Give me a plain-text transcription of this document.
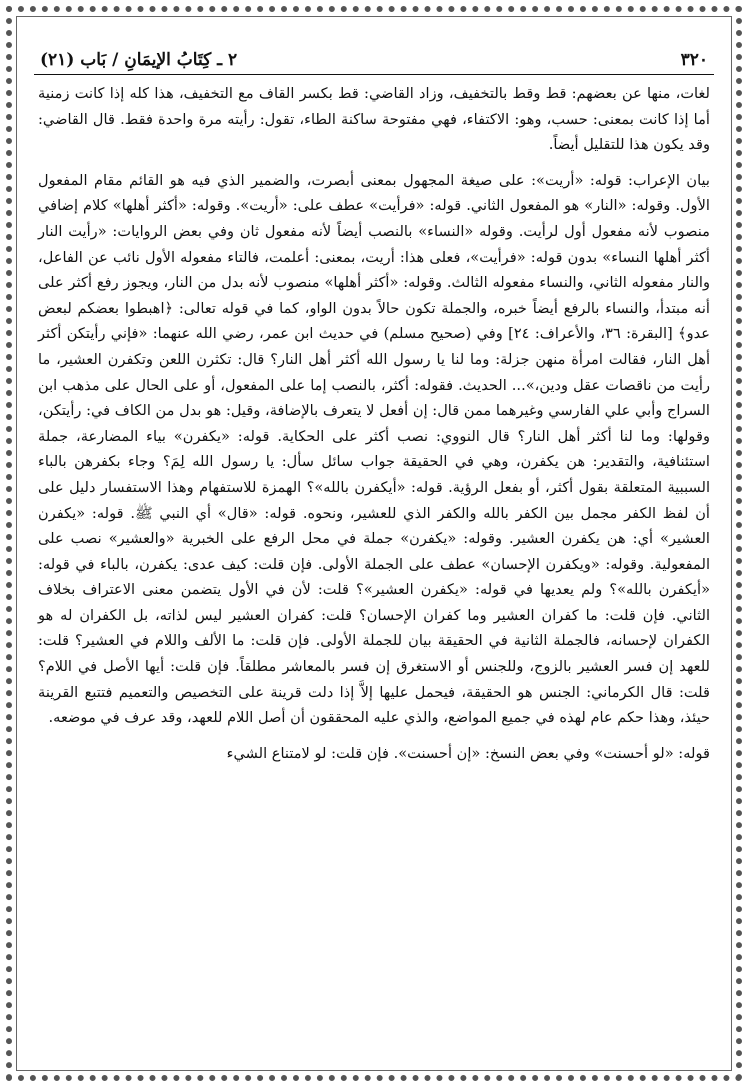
٣٢٠
٢ ـ كِتَابُ الإيمَانِ / بَاب (٢١)

لغات، منها عن بعضهم: قط وقط بالتخفيف، وزاد القاضي: قط بكسر القاف مع التخفيف، هذا كله إذا كانت زمنية أما إذا كانت بمعنى: حسب، وهو: الاكتفاء، فهي مفتوحة ساكنة الطاء، تقول: رأيته مرة واحدة فقط. قال القاضي: وقد يكون هذا للتقليل أيضاً.

بيان الإعراب: قوله: «أريت»: على صيغة المجهول بمعنى أبصرت، والضمير الذي فيه هو القائم مقام المفعول الأول. وقوله: «النار» هو المفعول الثاني. قوله: «فرأيت» عطف على: «أريت». وقوله: «أكثر أهلها» كلام إضافي منصوب لأنه مفعول أول لرأيت. وقوله «النساء» بالنصب أيضاً لأنه مفعول ثان وفي بعض الروايات: «رأيت النار أكثر أهلها النساء» بدون قوله: «فرأيت»، فعلى هذا: أريت، بمعنى: أعلمت، فالتاء مفعوله الأول نائب عن الفاعل، والنار مفعوله الثاني، والنساء مفعوله الثالث. وقوله: «أكثر أهلها» منصوب لأنه بدل من النار، ويجوز رفع أكثر على أنه مبتدأ، والنساء بالرفع أيضاً خبره، والجملة تكون حالاً بدون الواو، كما في قوله تعالى: ﴿اهبطوا بعضكم لبعض عدو﴾ [البقرة: ٣٦، والأعراف: ٢٤] وفي (صحيح مسلم) في حديث ابن عمر، رضي الله عنهما: «فإني رأيتكن أكثر أهل النار، فقالت امرأة منهن جزلة: وما لنا يا رسول الله أكثر أهل النار؟ قال: تكثرن اللعن وتكفرن العشير، ما رأيت من ناقصات عقل ودين،»... الحديث. فقوله: أكثر، بالنصب إما على المفعول، أو على الحال على مذهب ابن السراج وأبي علي الفارسي وغيرهما ممن قال: إن أفعل لا يتعرف بالإضافة، وقيل: هو بدل من الكاف في: رأيتكن، وقولها: وما لنا أكثر أهل النار؟ قال النووي: نصب أكثر على الحكاية. قوله: «يكفرن» بياء المضارعة، جملة استئنافية، والتقدير: هن يكفرن، وهي في الحقيقة جواب سائل سأل: يا رسول الله لِمَ؟ وجاء بكفرهن بالباء السببية المتعلقة بقول أكثر، أو بفعل الرؤية. قوله: «أيكفرن بالله»؟ الهمزة للاستفهام وهذا الاستفسار دليل على أن لفظ الكفر مجمل بين الكفر بالله والكفر الذي للعشير، ونحوه. قوله: «قال» أي النبي ﷺ. قوله: «يكفرن العشير» أي: هن يكفرن العشير. وقوله: «يكفرن» جملة في محل الرفع على الخبرية «والعشير» نصب على المفعولية. وقوله: «ويكفرن الإحسان» عطف على الجملة الأولى. فإن قلت: كيف عدى: يكفرن، بالباء في قوله: «أيكفرن بالله»؟ ولم يعديها في قوله: «يكفرن العشير»؟ قلت: لأن في الأول يتضمن معنى الاعتراف بخلاف الثاني. فإن قلت: ما كفران العشير وما كفران الإحسان؟ قلت: كفران العشير ليس لذاته، بل الكفران له هو الكفران لإحسانه، فالجملة الثانية في الحقيقة بيان للجملة الأولى. فإن قلت: ما الألف واللام في العشير؟ قلت: للعهد إن فسر العشير بالزوج، وللجنس أو الاستغرق إن فسر بالمعاشر مطلقاً. فإن قلت: أيها الأصل في اللام؟ قلت: قال الكرماني: الجنس هو الحقيقة، فيحمل عليها إلاَّ إذا دلت قرينة على التخصيص والتعميم فتتبع القرينة حيئذ، وهذا حكم عام لهذه في جميع المواضع، والذي عليه المحققون أن أصل اللام للعهد، وقد عرف في موضعه.

قوله: «لو أحسنت» وفي بعض النسخ: «إن أحسنت». فإن قلت: لو لامتناع الشيء
